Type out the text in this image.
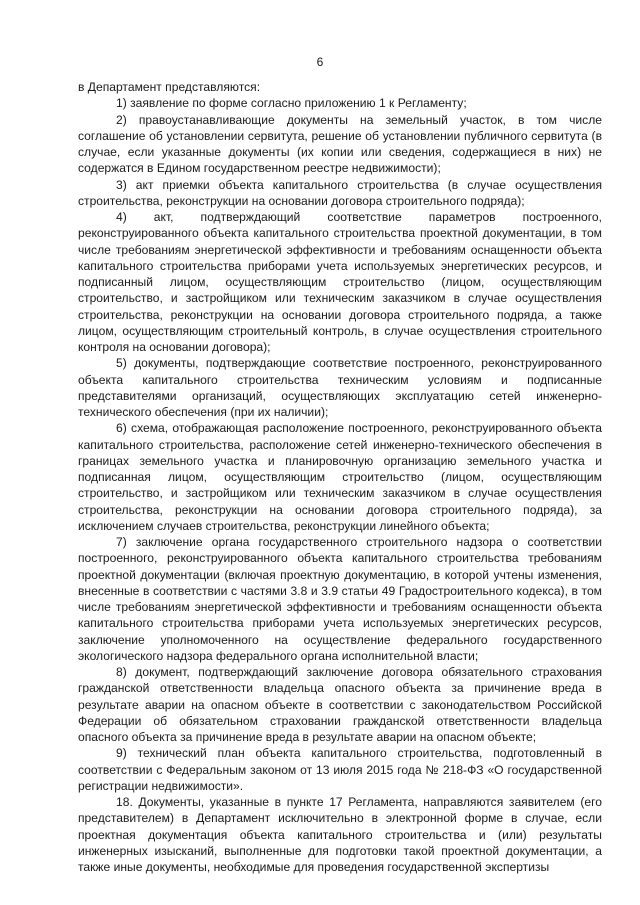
6

в Департамент представляются:

1) заявление по форме согласно приложению 1 к Регламенту;

2) правоустанавливающие документы на земельный участок, в том числе соглашение об установлении сервитута, решение об установлении публичного сервитута (в случае, если указанные документы (их копии или сведения, содержащиеся в них) не содержатся в Едином государственном реестре недвижимости);

3) акт приемки объекта капитального строительства (в случае осуществления строительства, реконструкции на основании договора строительного подряда);

4) акт, подтверждающий соответствие параметров построенного, реконструированного объекта капитального строительства проектной документации, в том числе требованиям энергетической эффективности и требованиям оснащенности объекта капитального строительства приборами учета используемых энергетических ресурсов, и подписанный лицом, осуществляющим строительство (лицом, осуществляющим строительство, и застройщиком или техническим заказчиком в случае осуществления строительства, реконструкции на основании договора строительного подряда, а также лицом, осуществляющим строительный контроль, в случае осуществления строительного контроля на основании договора);

5) документы, подтверждающие соответствие построенного, реконструированного объекта капитального строительства техническим условиям и подписанные представителями организаций, осуществляющих эксплуатацию сетей инженерно-технического обеспечения (при их наличии);

6) схема, отображающая расположение построенного, реконструированного объекта капитального строительства, расположение сетей инженерно-технического обеспечения в границах земельного участка и планировочную организацию земельного участка и подписанная лицом, осуществляющим строительство (лицом, осуществляющим строительство, и застройщиком или техническим заказчиком в случае осуществления строительства, реконструкции на основании договора строительного подряда), за исключением случаев строительства, реконструкции линейного объекта;

7) заключение органа государственного строительного надзора о соответствии построенного, реконструированного объекта капитального строительства требованиям проектной документации (включая проектную документацию, в которой учтены изменения, внесенные в соответствии с частями 3.8 и 3.9 статьи 49 Градостроительного кодекса), в том числе требованиям энергетической эффективности и требованиям оснащенности объекта капитального строительства приборами учета используемых энергетических ресурсов, заключение уполномоченного на осуществление федерального государственного экологического надзора федерального органа исполнительной власти;

8) документ, подтверждающий заключение договора обязательного страхования гражданской ответственности владельца опасного объекта за причинение вреда в результате аварии на опасном объекте в соответствии с законодательством Российской Федерации об обязательном страховании гражданской ответственности владельца опасного объекта за причинение вреда в результате аварии на опасном объекте;

9) технический план объекта капитального строительства, подготовленный в соответствии с Федеральным законом от 13 июля 2015 года № 218-ФЗ «О государственной регистрации недвижимости».

18. Документы, указанные в пункте 17 Регламента, направляются заявителем (его представителем) в Департамент исключительно в электронной форме в случае, если проектная документация объекта капитального строительства и (или) результаты инженерных изысканий, выполненные для подготовки такой проектной документации, а также иные документы, необходимые для проведения государственной экспертизы
